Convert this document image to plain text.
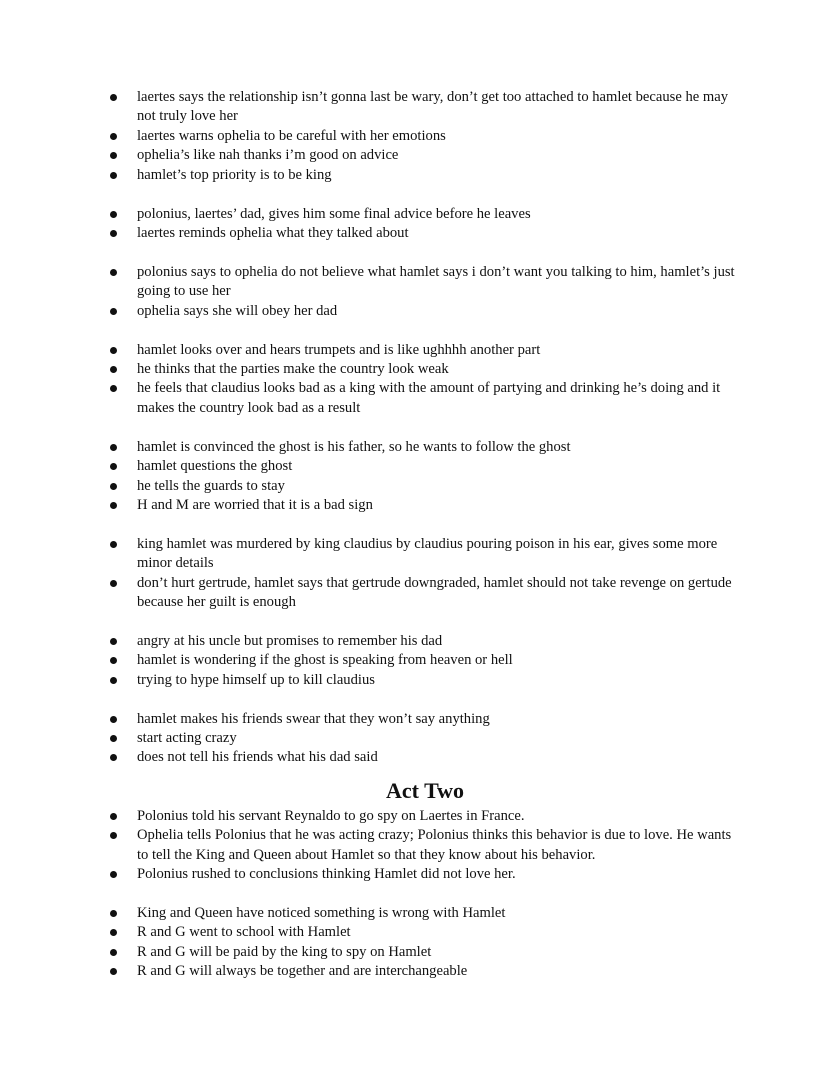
laertes says the relationship isn’t gonna last be wary, don’t get too attached to hamlet because he may not truly love her
laertes warns ophelia to be careful with her emotions
ophelia’s like nah thanks i’m good on advice
hamlet’s top priority is to be king
polonius, laertes’ dad, gives him some final advice before he leaves
laertes reminds ophelia what they talked about
polonius says to ophelia do not believe what hamlet says i don’t want you talking to him, hamlet’s just going to use her
ophelia says she will obey her dad
hamlet looks over and hears trumpets and is like ughhhh another part
he thinks that the parties make the country look weak
he feels that claudius looks bad as a king with the amount of partying and drinking he’s doing and it makes the country look bad as a result
hamlet is convinced the ghost is his father, so he wants to follow the ghost
hamlet questions the ghost
he tells the guards to stay
H and M are worried that it is a bad sign
king hamlet was murdered by king claudius by claudius pouring poison in his ear, gives some more minor details
don’t hurt gertrude, hamlet says that gertrude downgraded, hamlet should not take revenge on gertude because her guilt is enough
angry at his uncle but promises to remember his dad
hamlet is wondering if the ghost is speaking from heaven or hell
trying to hype himself up to kill claudius
hamlet makes his friends swear that they won’t say anything
start acting crazy
does not tell his friends what his dad said
Act Two
Polonius told his servant Reynaldo to go spy on Laertes in France.
Ophelia tells Polonius that he was acting crazy; Polonius thinks this behavior is due to love. He wants to tell the King and Queen about Hamlet so that they know about his behavior.
Polonius rushed to conclusions thinking Hamlet did not love her.
King and Queen have noticed something is wrong with Hamlet
R and G went to school with Hamlet
R and G will be paid by the king to spy on Hamlet
R and G will always be together and are interchangeable
